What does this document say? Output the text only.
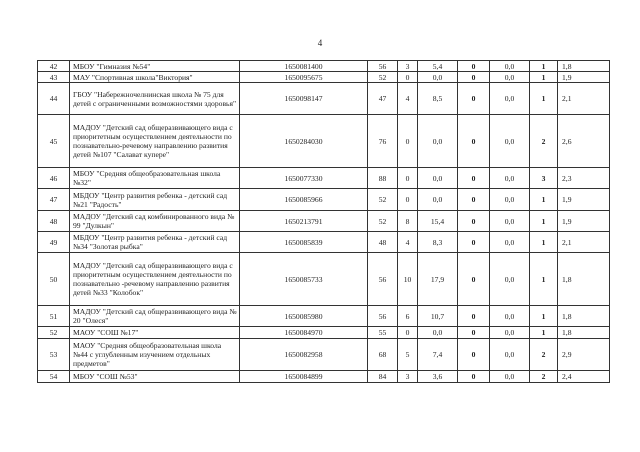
4
42	МБОУ "Гимназия №54"	1650081400	56	3	5,4	0	0,0	1	1,8
43	МАУ "Спортивная школа"Виктория"	1650095675	52	0	0,0	0	0,0	1	1,9
44	ГБОУ "Набережночелнинская школа № 75 для детей с ограниченными возможностями здоровья"	1650098147	47	4	8,5	0	0,0	1	2,1
45	МАДОУ "Детский сад общеразвивающего вида с приоритетным осуществлением деятельности по познавательно-речевому направлению развития детей №107 "Салават купере"	1650284030	76	0	0,0	0	0,0	2	2,6
46	МБОУ "Средняя общеобразовательная школа №32"	1650077330	88	0	0,0	0	0,0	3	2,3
47	МБДОУ "Центр развития ребенка - детский сад №21 "Радость"	1650085966	52	0	0,0	0	0,0	1	1,9
48	МАДОУ "Детский сад комбинированного вида № 99 "Дулкын"	1650213791	52	8	15,4	0	0,0	1	1,9
49	МБДОУ "Центр развития ребенка - детский сад №34 "Золотая рыбка"	1650085839	48	4	8,3	0	0,0	1	2,1
50	МАДОУ "Детский сад общеразвивающего вида с приоритетным осуществлением деятельности по познавательно -речевому направлению развития детей №33 "Колобок"	1650085733	56	10	17,9	0	0,0	1	1,8
51	МАДОУ "Детский сад общеразвивающего вида № 20 "Олеся"	1650085980	56	6	10,7	0	0,0	1	1,8
52	МАОУ "СОШ №17"	1650084970	55	0	0,0	0	0,0	1	1,8
53	МАОУ "Средняя общеобразовательная школа №44 с углубленным изучением отдельных предметов"	1650082958	68	5	7,4	0	0,0	2	2,9
54	МБОУ "СОШ №53"	1650084899	84	3	3,6	0	0,0	2	2,4
